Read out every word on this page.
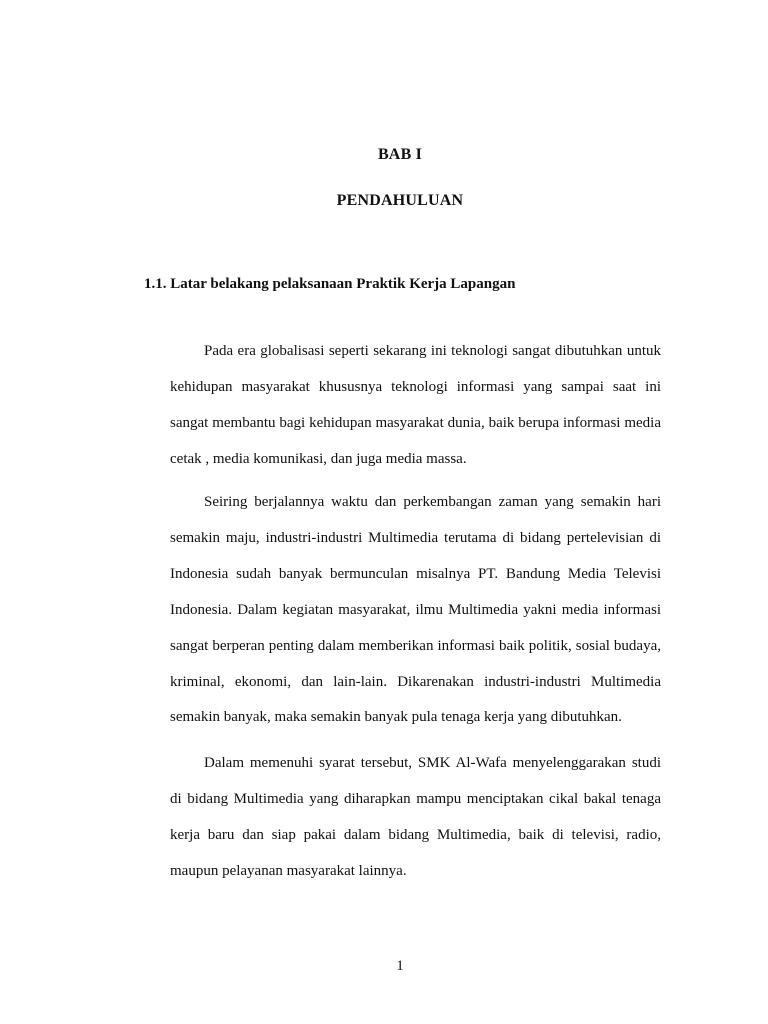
BAB I
PENDAHULUAN
1.1. Latar belakang pelaksanaan Praktik Kerja Lapangan

Pada era globalisasi seperti sekarang ini teknologi sangat dibutuhkan untuk kehidupan masyarakat khususnya teknologi informasi yang sampai saat ini sangat membantu bagi kehidupan masyarakat dunia, baik berupa informasi media cetak , media komunikasi, dan juga media massa.

Seiring berjalannya waktu dan perkembangan zaman yang semakin hari semakin maju, industri-industri Multimedia terutama di bidang pertelevisian di Indonesia sudah banyak bermunculan misalnya PT. Bandung Media Televisi Indonesia. Dalam kegiatan masyarakat, ilmu Multimedia yakni media informasi sangat berperan penting dalam memberikan informasi baik politik, sosial budaya, kriminal, ekonomi, dan lain-lain. Dikarenakan industri-industri Multimedia semakin banyak, maka semakin banyak pula tenaga kerja yang dibutuhkan.

Dalam memenuhi syarat tersebut, SMK Al-Wafa menyelenggarakan studi di bidang Multimedia yang diharapkan mampu menciptakan cikal bakal tenaga kerja baru dan siap pakai dalam bidang Multimedia, baik di televisi, radio, maupun pelayanan masyarakat lainnya.

1
